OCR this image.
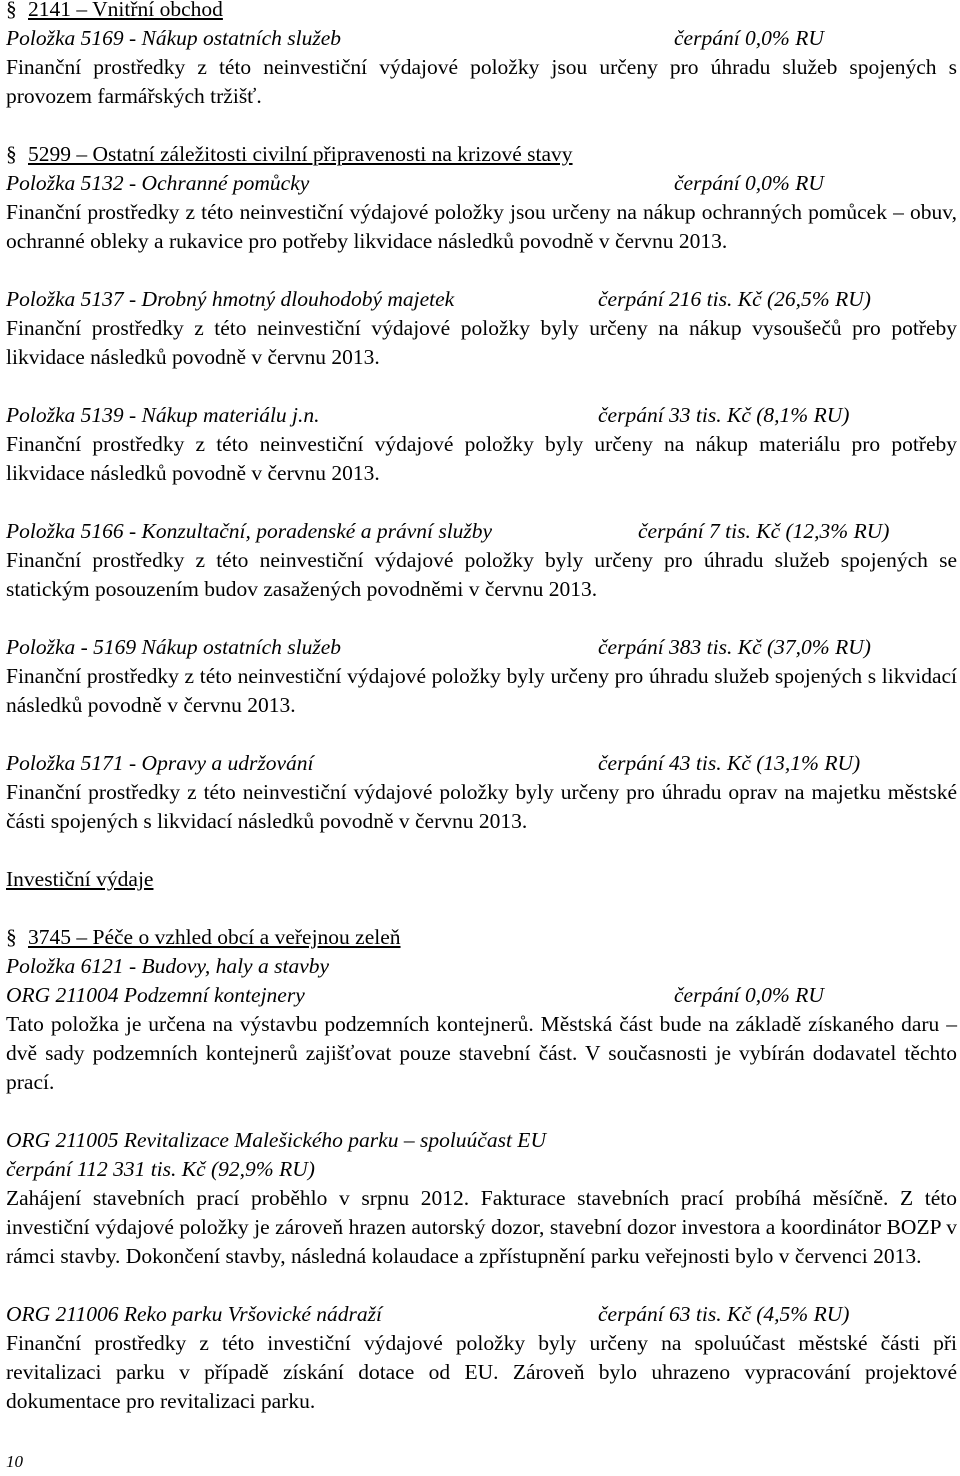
§ 2141 – Vnitřní obchod
Položka 5169 - Nákup ostatních služeb	čerpání 0,0% RU
Finanční prostředky z této neinvestiční výdajové položky jsou určeny pro úhradu služeb spojených s provozem farmářských tržišť.
§ 5299 – Ostatní záležitosti civilní připravenosti na krizové stavy
Položka 5132 - Ochranné pomůcky	čerpání 0,0% RU
Finanční prostředky z této neinvestiční výdajové položky jsou určeny na nákup ochranných pomůcek – obuv, ochranné obleky a rukavice pro potřeby likvidace následků povodně v červnu 2013.
Položka 5137 - Drobný hmotný dlouhodobý majetek	čerpání 216 tis. Kč (26,5% RU)
Finanční prostředky z této neinvestiční výdajové položky byly určeny na nákup vysoušečů pro potřeby likvidace následků povodně v červnu 2013.
Položka 5139 - Nákup materiálu j.n.	čerpání 33 tis. Kč (8,1% RU)
Finanční prostředky z této neinvestiční výdajové položky byly určeny na nákup materiálu pro potřeby likvidace následků povodně v červnu 2013.
Položka 5166 - Konzultační, poradenské a právní služby	čerpání 7 tis. Kč (12,3% RU)
Finanční prostředky z této neinvestiční výdajové položky byly určeny pro úhradu služeb spojených se statickým posouzením budov zasažených povodněmi v červnu 2013.
Položka - 5169 Nákup ostatních služeb	čerpání 383 tis. Kč (37,0% RU)
Finanční prostředky z této neinvestiční výdajové položky byly určeny pro úhradu služeb spojených s likvidací následků povodně v červnu 2013.
Položka 5171 - Opravy a udržování	čerpání 43 tis. Kč (13,1% RU)
Finanční prostředky z této neinvestiční výdajové položky byly určeny pro úhradu oprav na majetku městské části spojených s likvidací následků povodně v červnu 2013.
Investiční výdaje
§ 3745 – Péče o vzhled obcí a veřejnou zeleň
Položka 6121 - Budovy, haly a stavby
ORG 211004 Podzemní kontejnery	čerpání 0,0% RU
Tato položka je určena na výstavbu podzemních kontejnerů. Městská část bude na základě získaného daru – dvě sady podzemních kontejnerů zajišťovat pouze stavební část. V současnosti je vybírán dodavatel těchto prací.
ORG 211005 Revitalizace Malešického parku – spoluúčast EU
čerpání 112 331 tis. Kč (92,9% RU)
Zahájení stavebních prací proběhlo v srpnu 2012. Fakturace stavebních prací probíhá měsíčně. Z této investiční výdajové položky je zároveň hrazen autorský dozor, stavební dozor investora a koordinátor BOZP v rámci stavby. Dokončení stavby, následná kolaudace a zpřístupnění parku veřejnosti bylo v červenci 2013.
ORG 211006 Reko parku Vršovické nádraží	čerpání 63 tis. Kč (4,5% RU)
Finanční prostředky z této investiční výdajové položky byly určeny na spoluúčast městské části při revitalizaci parku v případě získání dotace od EU. Zároveň bylo uhrazeno vypracování projektové dokumentace pro revitalizaci parku.
10
